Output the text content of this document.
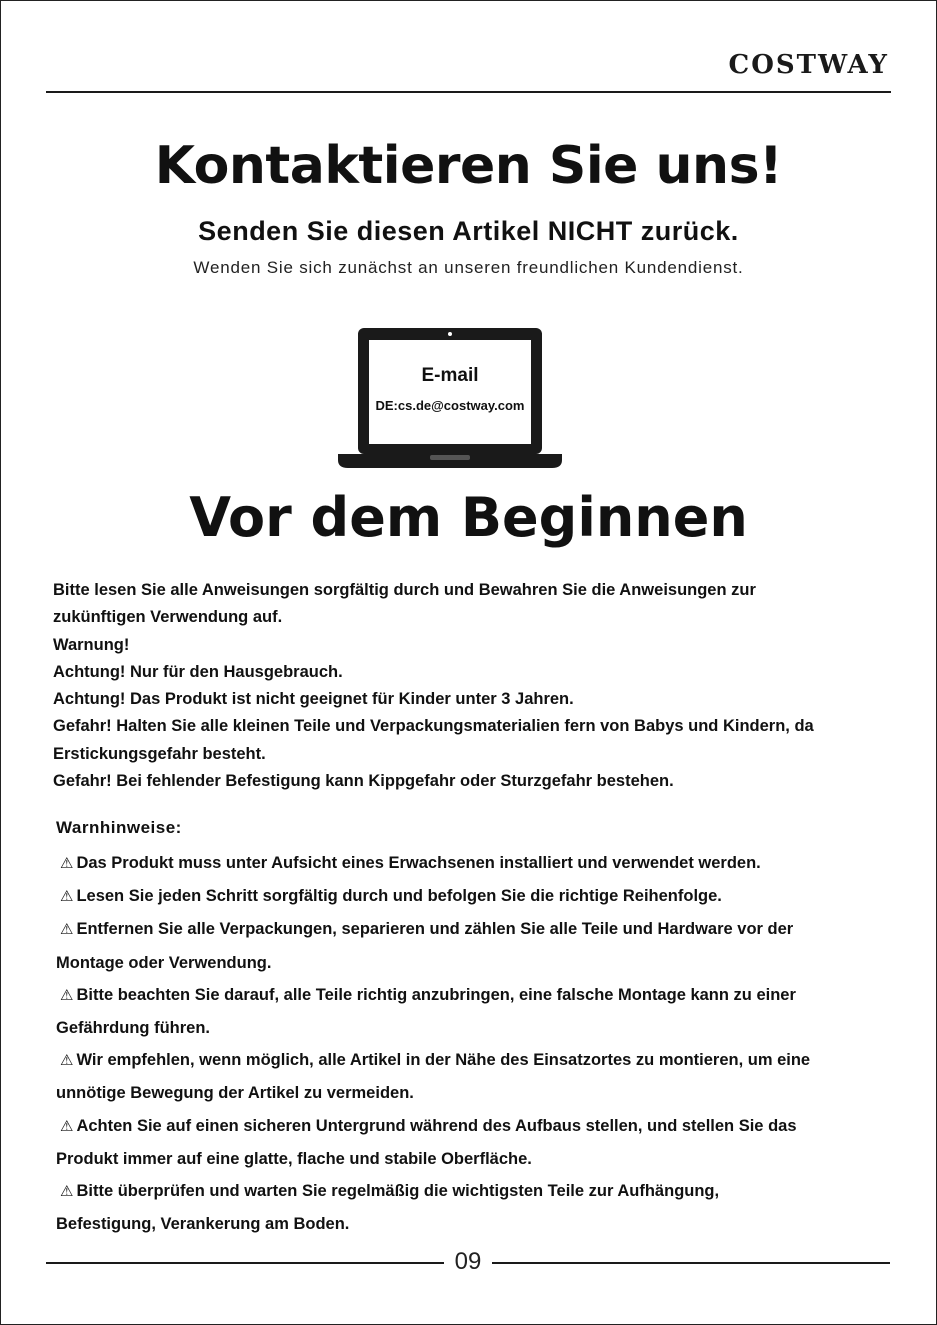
COSTWAY
Kontaktieren Sie uns!
Senden Sie diesen Artikel NICHT zurück.
Wenden Sie sich zunächst an unseren freundlichen Kundendienst.
E-mail
DE:cs.de@costway.com
Vor dem Beginnen
Bitte lesen Sie alle Anweisungen sorgfältig durch und Bewahren Sie die Anweisungen zur
zukünftigen Verwendung auf.
Warnung!
Achtung! Nur für den Hausgebrauch.
Achtung! Das Produkt ist nicht geeignet für Kinder unter 3 Jahren.
Gefahr! Halten Sie alle kleinen Teile und Verpackungsmaterialien fern von Babys und Kindern, da
Erstickungsgefahr besteht.
Gefahr! Bei fehlender Befestigung kann Kippgefahr oder Sturzgefahr bestehen.
Warnhinweise:
⚠ Das Produkt muss unter Aufsicht eines Erwachsenen installiert und verwendet werden.
⚠ Lesen Sie jeden Schritt sorgfältig durch und befolgen Sie die richtige Reihenfolge.
⚠ Entfernen Sie alle Verpackungen, separieren und zählen Sie alle Teile und Hardware vor der
Montage oder Verwendung.
⚠ Bitte beachten Sie darauf, alle Teile richtig anzubringen, eine falsche Montage kann zu einer
Gefährdung führen.
⚠ Wir empfehlen, wenn möglich, alle Artikel in der Nähe des Einsatzortes zu montieren, um eine
unnötige Bewegung der Artikel zu vermeiden.
⚠ Achten Sie auf einen sicheren Untergrund während des Aufbaus stellen, und stellen Sie das
Produkt immer auf eine glatte, flache und stabile Oberfläche.
⚠ Bitte überprüfen und warten Sie regelmäßig die wichtigsten Teile zur Aufhängung,
Befestigung, Verankerung am Boden.
09
